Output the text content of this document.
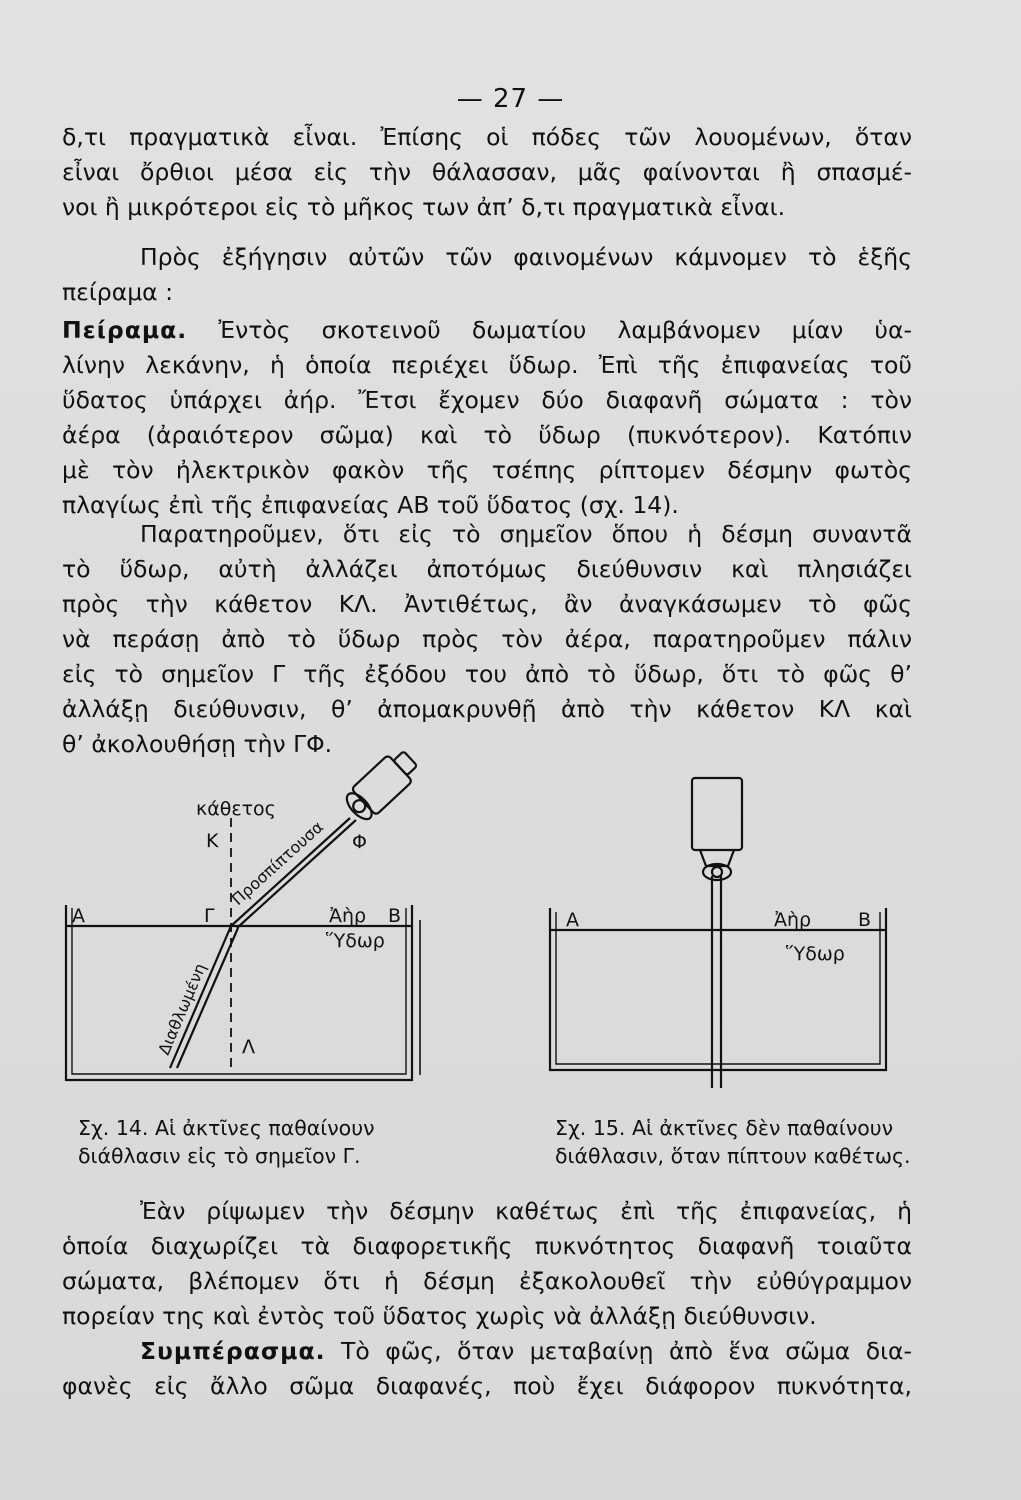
— 27 —
δ,τι πραγματικὰ εἶναι. Ἐπίσης οἱ πόδες τῶν λουομένων, ὅταν
εἶναι ὄρθιοι μέσα εἰς τὴν θάλασσαν, μᾶς φαίνονται ἢ σπασμέ-
νοι ἢ μικρότεροι εἰς τὸ μῆκος των ἀπ’ δ,τι πραγματικὰ εἶναι.
Πρὸς ἐξήγησιν αὐτῶν τῶν φαινομένων κάμνομεν τὸ ἑξῆς
πείραμα :
Πείραμα. Ἐντὸς σκοτεινοῦ δωματίου λαμβάνομεν μίαν ὑα-
λίνην λεκάνην, ἡ ὁποία περιέχει ὕδωρ. Ἐπὶ τῆς ἐπιφανείας τοῦ
ὕδατος ὑπάρχει ἀήρ. Ἔτσι ἔχομεν δύο διαφανῆ σώματα : τὸν
ἀέρα (ἀραιότερον σῶμα) καὶ τὸ ὕδωρ (πυκνότερον). Κατόπιν
μὲ τὸν ἠλεκτρικὸν φακὸν τῆς τσέπης ρίπτομεν δέσμην φωτὸς
πλαγίως ἐπὶ τῆς ἐπιφανείας ΑΒ τοῦ ὕδατος (σχ. 14).
Παρατηροῦμεν, ὅτι εἰς τὸ σημεῖον ὅπου ἡ δέσμη συναντᾶ
τὸ ὕδωρ, αὐτὴ ἀλλάζει ἀποτόμως διεύθυνσιν καὶ πλησιάζει
πρὸς τὴν κάθετον ΚΛ. Ἀντιθέτως, ἂν ἀναγκάσωμεν τὸ φῶς
νὰ περάσῃ ἀπὸ τὸ ὕδωρ πρὸς τὸν ἀέρα, παρατηροῦμεν πάλιν
εἰς τὸ σημεῖον Γ τῆς ἐξόδου του ἀπὸ τὸ ὕδωρ, ὅτι τὸ φῶς θ’
ἀλλάξῃ διεύθυνσιν, θ’ ἀπομακρυνθῇ ἀπὸ τὴν κάθετον ΚΛ καὶ
θ’ ἀκολουθήσῃ τὴν ΓΦ.
κάθετος
Κ
Γ
Λ
Α	Β
Ἀὴρ
Ὕδωρ
Φ
Προσπίπτουσα
Διαθλωμένη
Σχ. 14. Αἱ ἀκτῖνες παθαίνουν
διάθλασιν εἰς τὸ σημεῖον Γ.
Α	Β
Ἀὴρ
Ὕδωρ
Σχ. 15. Αἱ ἀκτῖνες δὲν παθαίνουν
διάθλασιν, ὅταν πίπτουν καθέτως.
Ἐὰν ρίψωμεν τὴν δέσμην καθέτως ἐπὶ τῆς ἐπιφανείας, ἡ
ὁποία διαχωρίζει τὰ διαφορετικῆς πυκνότητος διαφανῆ τοιαῦτα
σώματα, βλέπομεν ὅτι ἡ δέσμη ἐξακολουθεῖ τὴν εὐθύγραμμον
πορείαν της καὶ ἐντὸς τοῦ ὕδατος χωρὶς νὰ ἀλλάξῃ διεύθυνσιν.
Συμπέρασμα. Τὸ φῶς, ὅταν μεταβαίνῃ ἀπὸ ἕνα σῶμα δια-
φανὲς εἰς ἄλλο σῶμα διαφανές, ποὺ ἔχει διάφορον πυκνότητα,
